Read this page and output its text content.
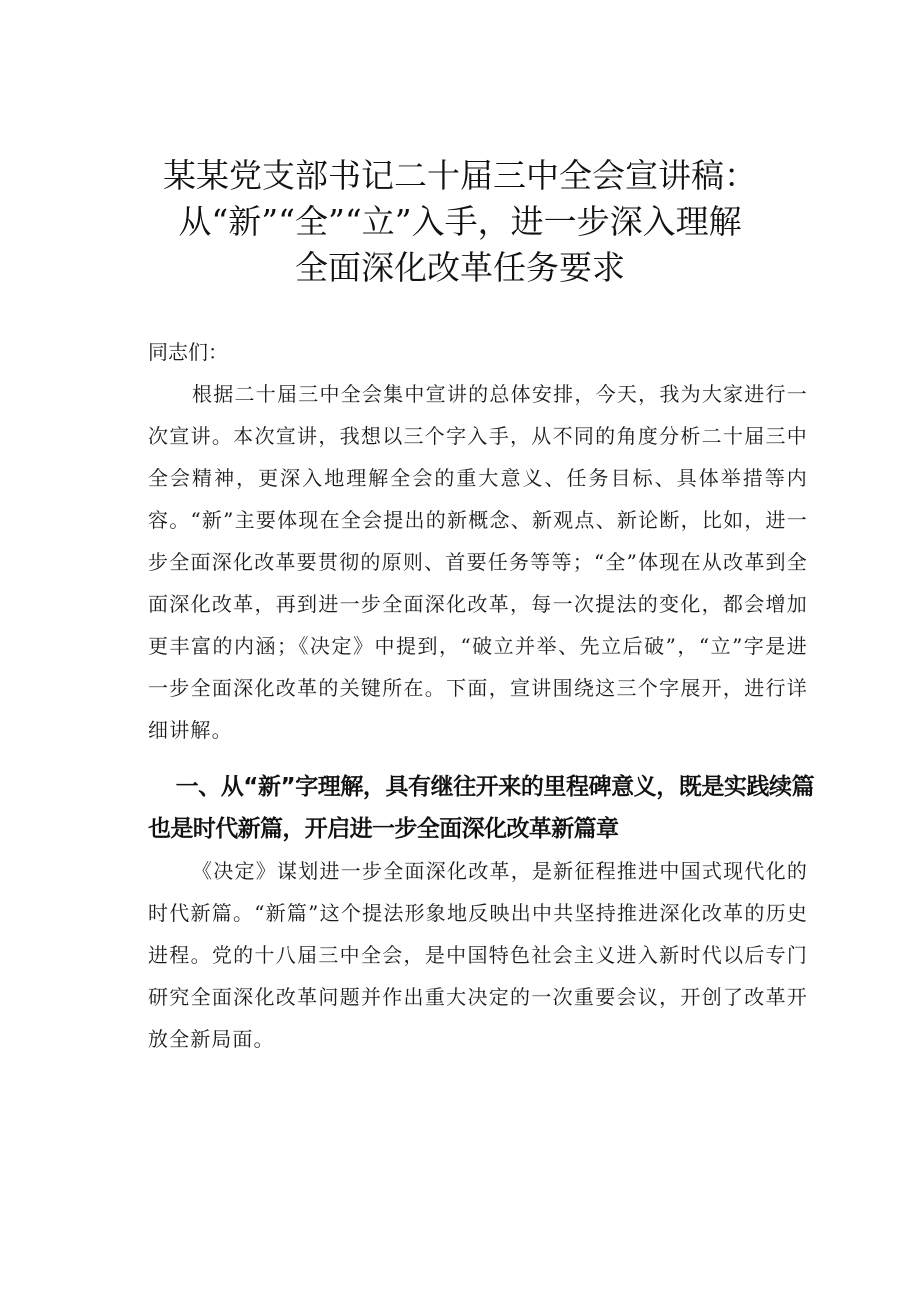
某某党支部书记二十届三中全会宣讲稿：
从“新”“全”“立”入手，进一步深入理解
全面深化改革任务要求
同志们：
根据二十届三中全会集中宣讲的总体安排，今天，我为大家进行一次宣讲。本次宣讲，我想以三个字入手，从不同的角度分析二十届三中全会精神，更深入地理解全会的重大意义、任务目标、具体举措等内容。“新”主要体现在全会提出的新概念、新观点、新论断，比如，进一步全面深化改革要贯彻的原则、首要任务等等；“全”体现在从改革到全面深化改革，再到进一步全面深化改革，每一次提法的变化，都会增加更丰富的内涵；《决定》中提到，“破立并举、先立后破”，“立”字是进一步全面深化改革的关键所在。下面，宣讲围绕这三个字展开，进行详细讲解。
一、从“新”字理解，具有继往开来的里程碑意义，既是实践续篇也是时代新篇，开启进一步全面深化改革新篇章
《决定》谋划进一步全面深化改革，是新征程推进中国式现代化的时代新篇。“新篇”这个提法形象地反映出中共坚持推进深化改革的历史进程。党的十八届三中全会，是中国特色社会主义进入新时代以后专门研究全面深化改革问题并作出重大决定的一次重要会议，开创了改革开放全新局面。
